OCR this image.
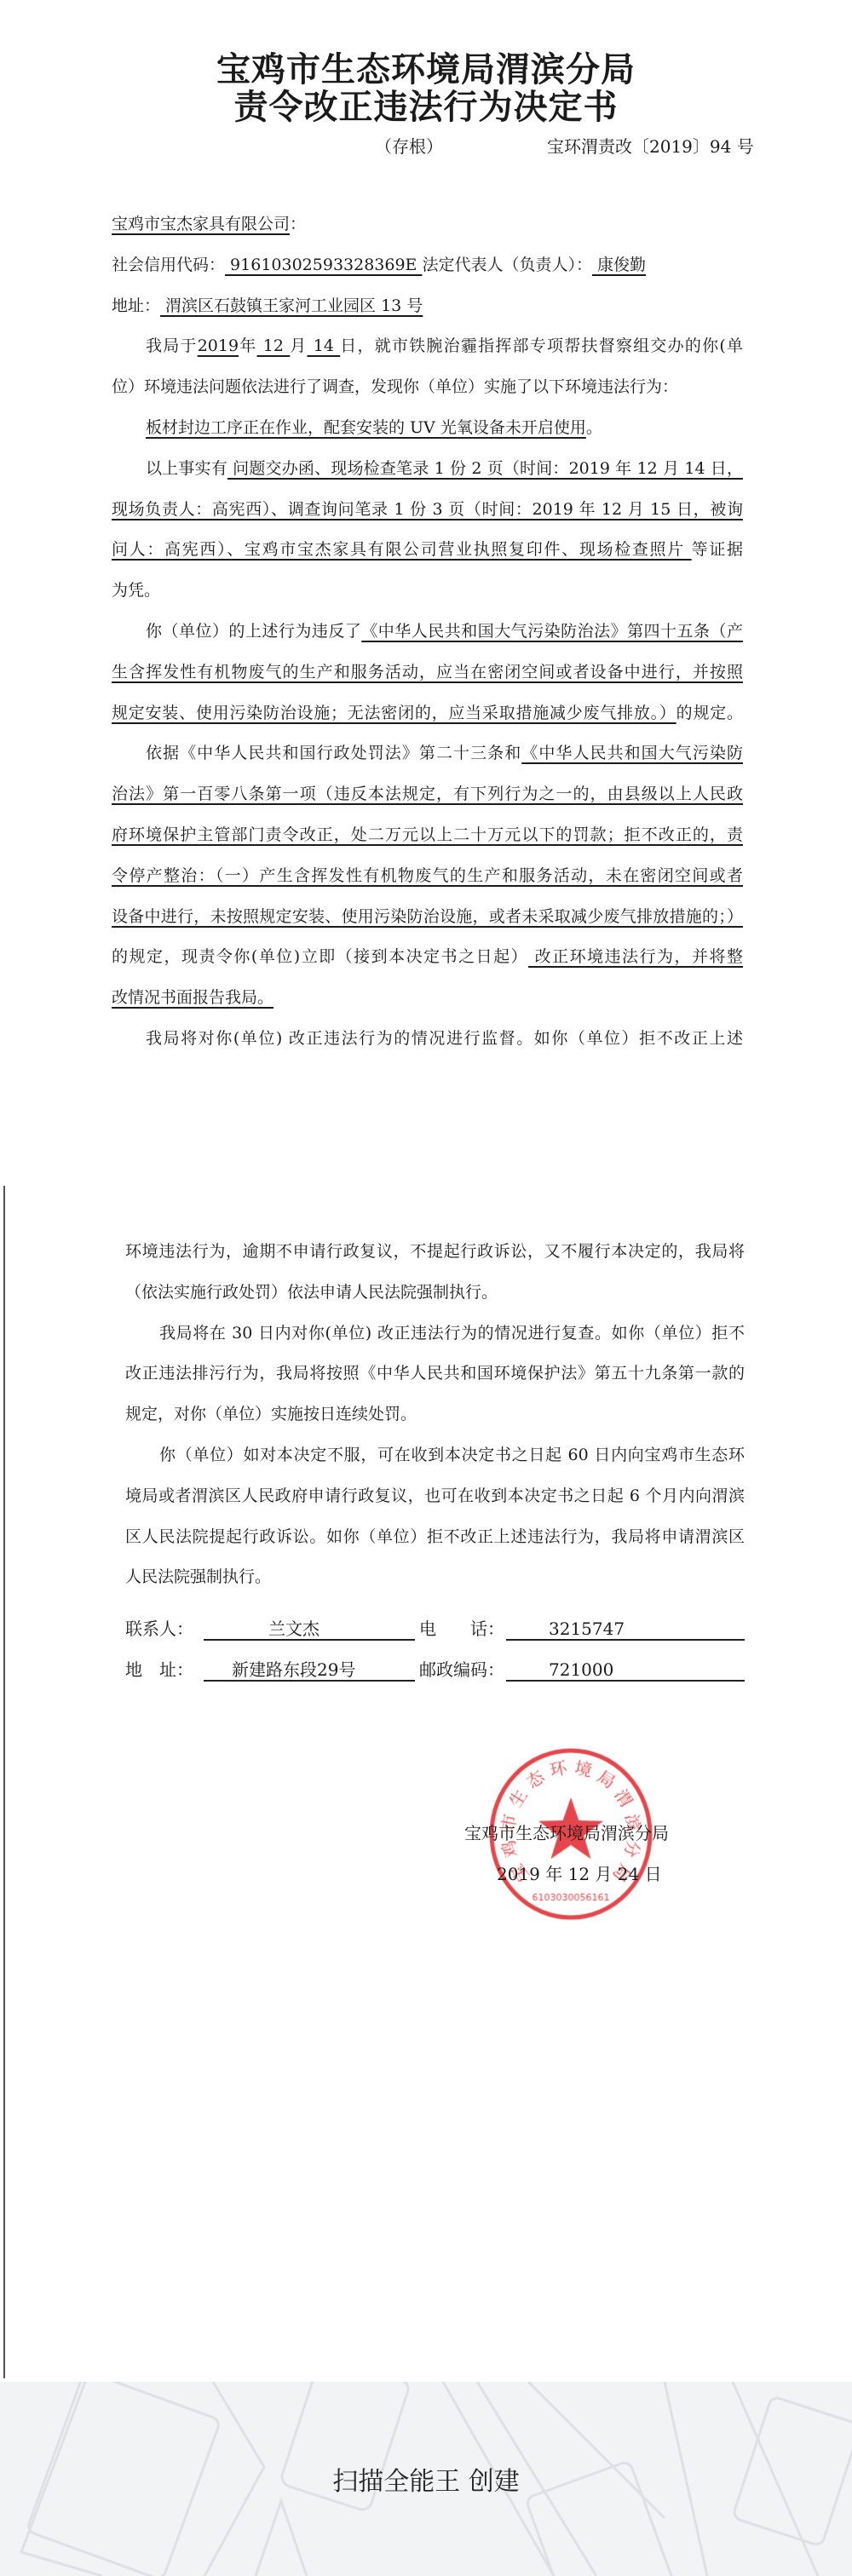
宝鸡市生态环境局渭滨分局
责令改正违法行为决定书
（存根）	宝环渭责改〔2019〕94 号
宝鸡市宝杰家具有限公司：
社会信用代码： 91610302593328369E 法定代表人（负责人）： 康俊勤
地址： 渭滨区石鼓镇王家河工业园区 13 号
我局于2019年 12 月 14 日，就市铁腕治霾指挥部专项帮扶督察组交办的你(单
位）环境违法问题依法进行了调查，发现你（单位）实施了以下环境违法行为：
板材封边工序正在作业，配套安装的 UV 光氧设备未开启使用。
以上事实有 问题交办函、现场检查笔录 1 份 2 页（时间：2019 年 12 月 14 日，
现场负责人：高宪西）、调查询问笔录 1 份 3 页（时间：2019 年 12 月 15 日，被询
问人：高宪西）、宝鸡市宝杰家具有限公司营业执照复印件、现场检查照片 等证据
为凭。
你（单位）的上述行为违反了《中华人民共和国大气污染防治法》第四十五条（产
生含挥发性有机物废气的生产和服务活动，应当在密闭空间或者设备中进行，并按照
规定安装、使用污染防治设施；无法密闭的，应当采取措施减少废气排放。）的规定。
依据《中华人民共和国行政处罚法》第二十三条和《中华人民共和国大气污染防
治法》第一百零八条第一项（违反本法规定，有下列行为之一的，由县级以上人民政
府环境保护主管部门责令改正，处二万元以上二十万元以下的罚款；拒不改正的，责
令停产整治：（一）产生含挥发性有机物废气的生产和服务活动，未在密闭空间或者
设备中进行，未按照规定安装、使用污染防治设施，或者未采取减少废气排放措施的；）
的规定，现责令你(单位)立即（接到本决定书之日起） 改正环境违法行为，并将整
改情况书面报告我局。
我局将对你(单位) 改正违法行为的情况进行监督。如你（单位）拒不改正上述
环境违法行为，逾期不申请行政复议，不提起行政诉讼，又不履行本决定的，我局将
（依法实施行政处罚）依法申请人民法院强制执行。
我局将在 30 日内对你(单位) 改正违法行为的情况进行复查。如你（单位）拒不
改正违法排污行为，我局将按照《中华人民共和国环境保护法》第五十九条第一款的
规定，对你（单位）实施按日连续处罚。
你（单位）如对本决定不服，可在收到本决定书之日起 60 日内向宝鸡市生态环
境局或者渭滨区人民政府申请行政复议，也可在收到本决定书之日起 6 个月内向渭滨
区人民法院提起行政诉讼。如你（单位）拒不改正上述违法行为，我局将申请渭滨区
人民法院强制执行。
联系人：	兰文杰	电　　话：	3215747
地　址： 新建路东段29号	邮政编码：	721000
宝鸡市生态环境局渭滨分局
2019 年 12 月 24 日
扫描全能王 创建
